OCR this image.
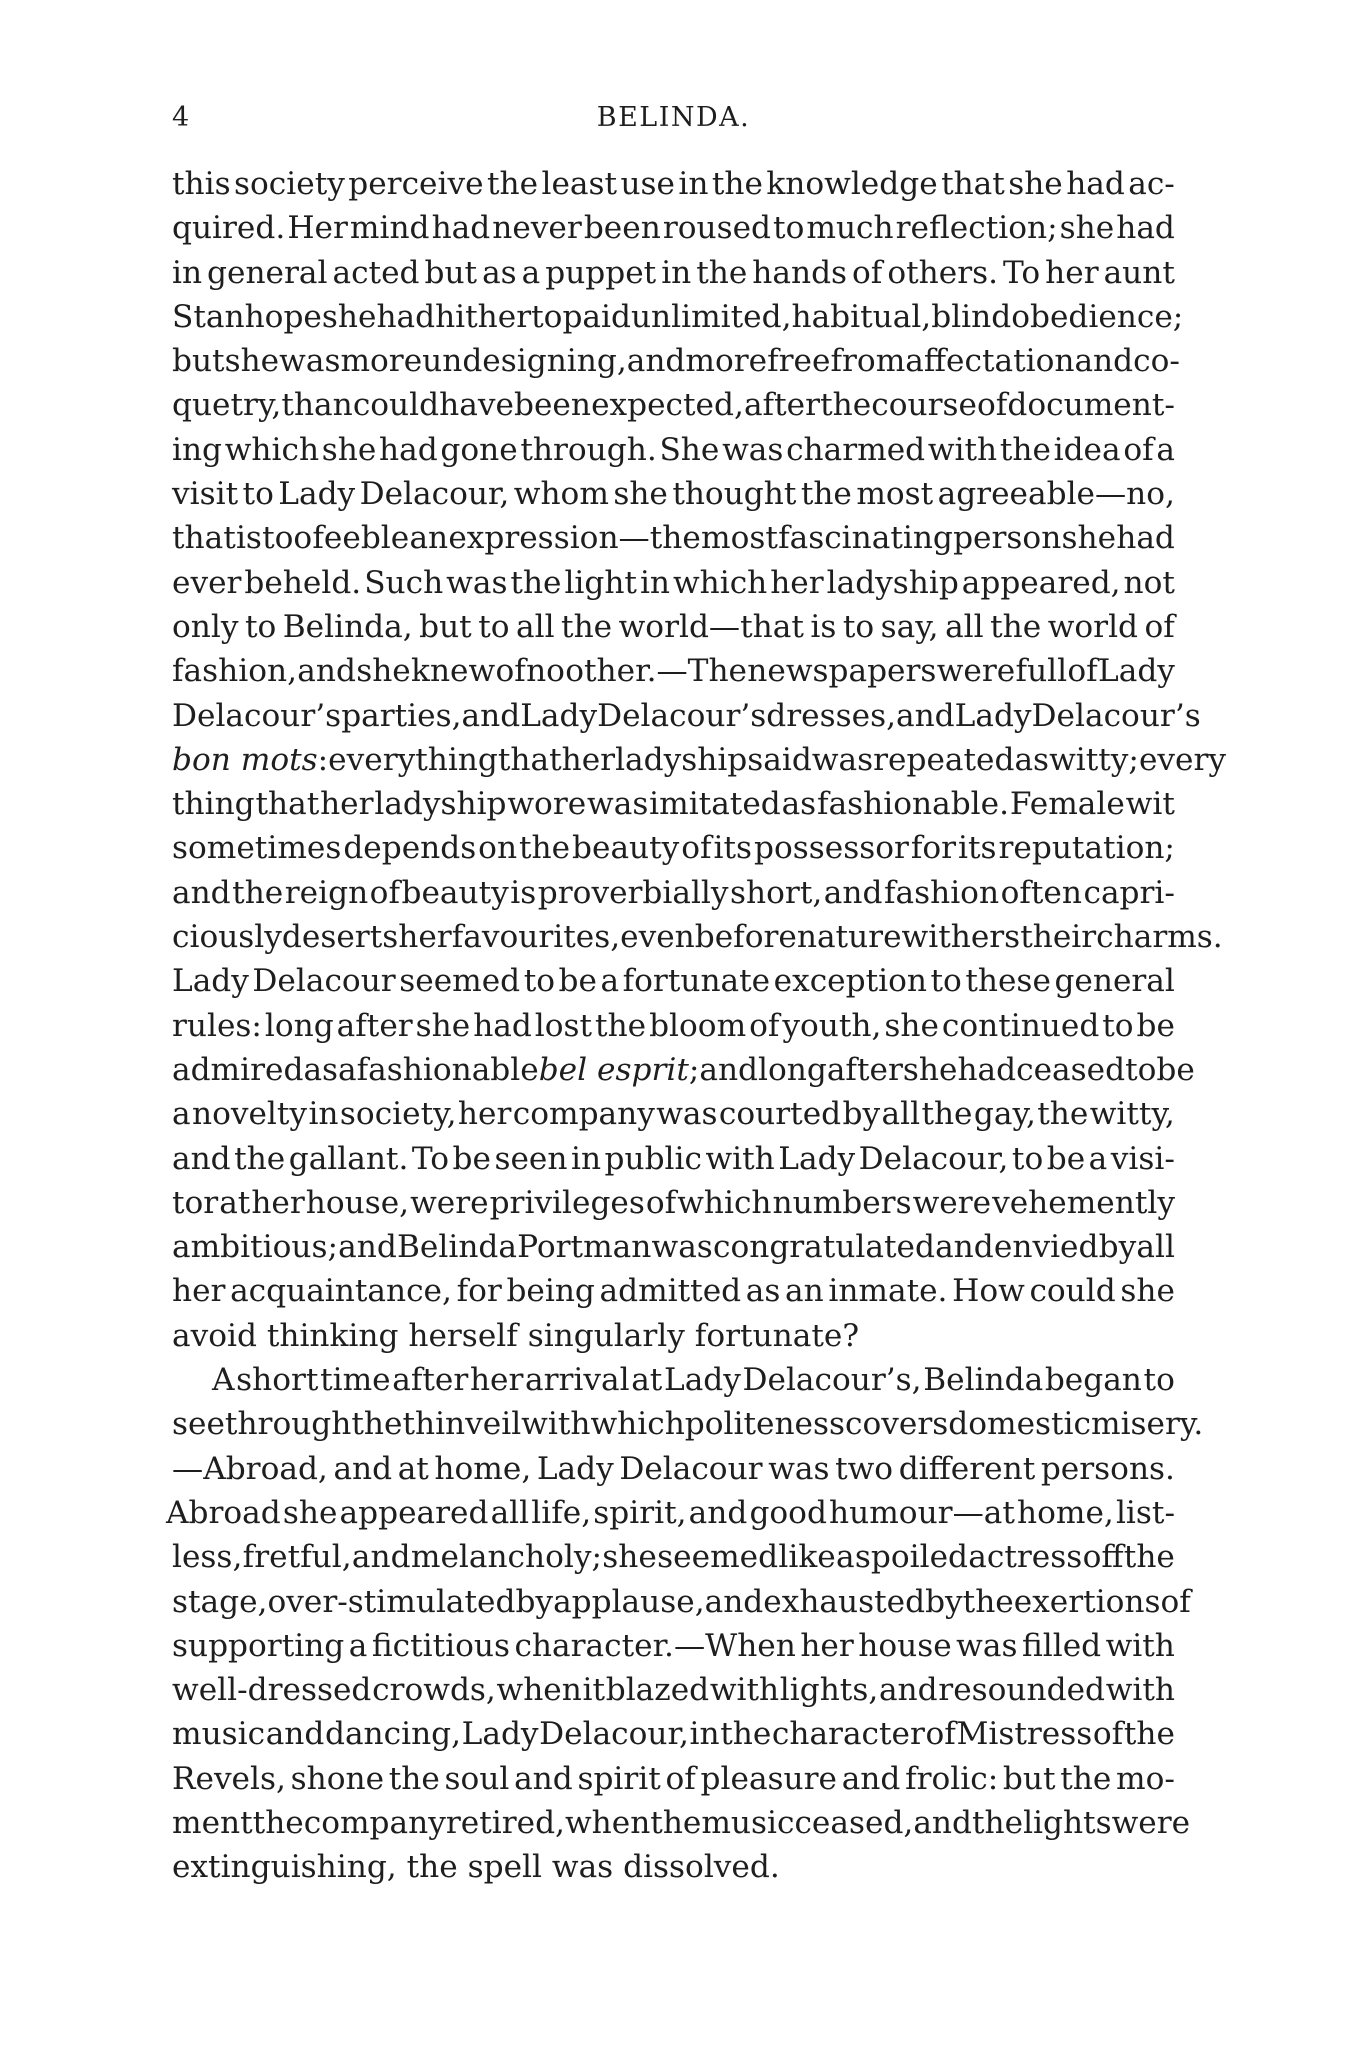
4	BELINDA.
this society perceive the least use in the knowledge that she had ac-
quired. Her mind had never been roused to much reflection; she had
in general acted but as a puppet in the hands of others. To her aunt
Stanhope she had hitherto paid unlimited, habitual, blind obedience;
but she was more undesigning, and more free from affectation and co-
quetry, than could have been expected, after the course of document-
ing which she had gone through. She was charmed with the idea of a
visit to Lady Delacour, whom she thought the most agreeable—no,
that is too feeble an expression—the most fascinating person she had
ever beheld. Such was the light in which her ladyship appeared, not
only to Belinda, but to all the world—that is to say, all the world of
fashion, and she knew of no other.—The newspapers were full of Lady
Delacour’s parties, and Lady Delacour’s dresses, and Lady Delacour’s
bon mots: every thing that her ladyship said was repeated as witty; every
thing that her ladyship wore was imitated as fashionable. Female wit
sometimes depends on the beauty of its possessor for its reputation;
and the reign of beauty is proverbially short, and fashion often capri-
ciously deserts her favourites, even before nature withers their charms.
Lady Delacour seemed to be a fortunate exception to these general
rules: long after she had lost the bloom of youth, she continued to be
admired as a fashionable bel esprit; and long after she had ceased to be
a novelty in society, her company was courted by all the gay, the witty,
and the gallant. To be seen in public with Lady Delacour, to be a visi-
tor at her house, were privileges of which numbers were vehemently
ambitious; and Belinda Portman was congratulated and envied by all
her acquaintance, for being admitted as an inmate. How could she
avoid thinking herself singularly fortunate?
A short time after her arrival at Lady Delacour’s, Belinda began to
see through the thin veil with which politeness covers domestic misery.
—Abroad, and at home, Lady Delacour was two different persons.
Abroad she appeared all life, spirit, and good humour—at home, list-
less, fretful, and melancholy; she seemed like a spoiled actress off the
stage, over-stimulated by applause, and exhausted by the exertions of
supporting a fictitious character.—When her house was filled with
well-dressed crowds, when it blazed with lights, and resounded with
music and dancing, Lady Delacour, in the character of Mistress of the
Revels, shone the soul and spirit of pleasure and frolic: but the mo-
ment the company retired, when the music ceased, and the lights were
extinguishing, the spell was dissolved.
